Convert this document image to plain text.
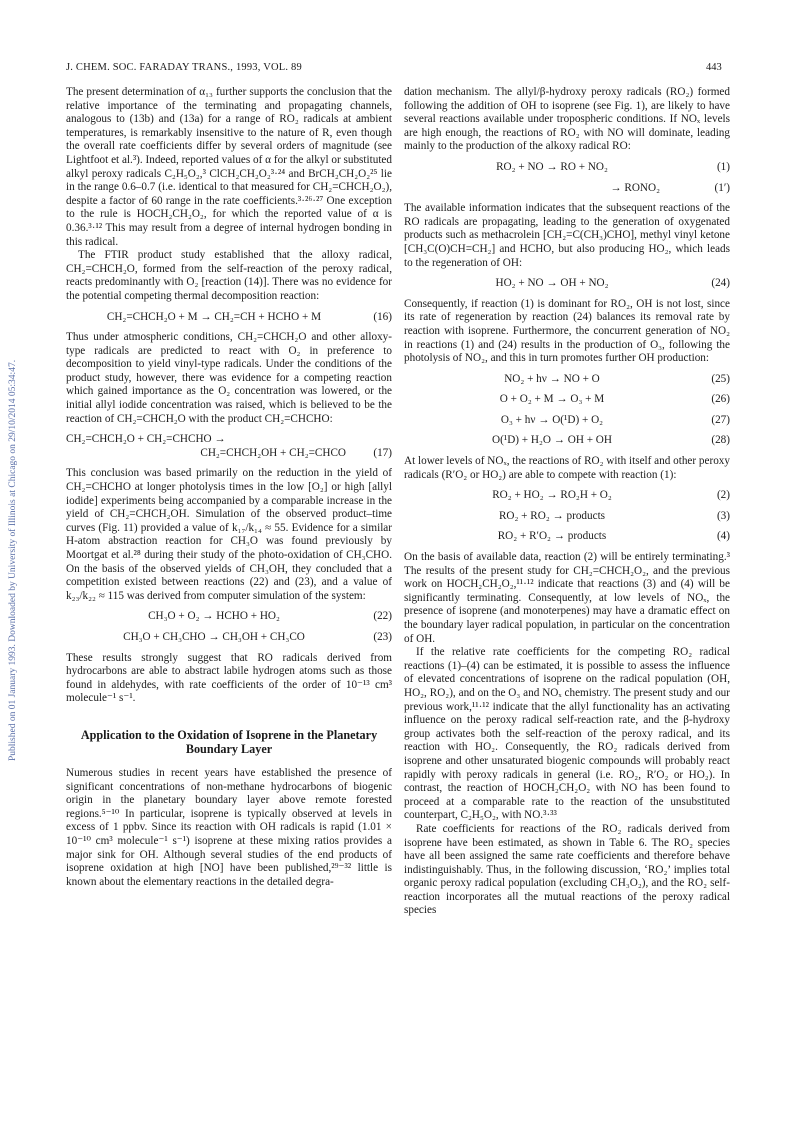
J. CHEM. SOC. FARADAY TRANS., 1993, VOL. 89	443
Published on 01 January 1993. Downloaded by University of Illinois at Chicago on 29/10/2014 05:34:47.

The present determination of α₁₃ further supports the conclusion that the relative importance of the terminating and propagating channels, analogous to (13b) and (13a) for a range of RO₂ radicals at ambient temperatures, is remarkably insensitive to the nature of R, even though the overall rate coefficients differ by several orders of magnitude (see Lightfoot et al.³). Indeed, reported values of α for the alkyl or substituted alkyl peroxy radicals C₂H₅O₂,³ ClCH₂CH₂O₂³·²⁴ and BrCH₂CH₂O₂²⁵ lie in the range 0.6–0.7 (i.e. identical to that measured for CH₂=CHCH₂O₂), despite a factor of 60 range in the rate coefficients.³·²⁶·²⁷ One exception to the rule is HOCH₂CH₂O₂, for which the reported value of α is 0.36.³·¹² This may result from a degree of internal hydrogen bonding in this radical.

The FTIR product study established that the alloxy radical, CH₂=CHCH₂O, formed from the self-reaction of the peroxy radical, reacts predominantly with O₂ [reaction (14)]. There was no evidence for the potential competing thermal decomposition reaction:

CH₂=CHCH₂O + M → CH₂=CH + HCHO + M	(16)

Thus under atmospheric conditions, CH₂=CHCH₂O and other alloxy-type radicals are predicted to react with O₂ in preference to decomposition to yield vinyl-type radicals. Under the conditions of the product study, however, there was evidence for a competing reaction which gained importance as the O₂ concentration was lowered, or the initial allyl iodide concentration was raised, which is believed to be the reaction of CH₂=CHCH₂O with the product CH₂=CHCHO:

CH₂=CHCH₂O + CH₂=CHCHO →
CH₂=CHCH₂OH + CH₂=CHCO	(17)

This conclusion was based primarily on the reduction in the yield of CH₂=CHCHO at longer photolysis times in the low [O₂] or high [allyl iodide] experiments being accompanied by a comparable increase in the yield of CH₂=CHCH₂OH. Simulation of the observed product–time curves (Fig. 11) provided a value of k₁₇/k₁₄ ≈ 55. Evidence for a similar H-atom abstraction reaction for CH₃O was found previously by Moortgat et al.²⁸ during their study of the photo-oxidation of CH₃CHO. On the basis of the observed yields of CH₃OH, they concluded that a competition existed between reactions (22) and (23), and a value of k₂₃/k₂₂ ≈ 115 was derived from computer simulation of the system:

CH₃O + O₂ → HCHO + HO₂	(22)
CH₃O + CH₃CHO → CH₃OH + CH₃CO	(23)

These results strongly suggest that RO radicals derived from hydrocarbons are able to abstract labile hydrogen atoms such as those found in aldehydes, with rate coefficients of the order of 10⁻¹³ cm³ molecule⁻¹ s⁻¹.

Application to the Oxidation of Isoprene in the Planetary Boundary Layer

Numerous studies in recent years have established the presence of significant concentrations of non-methane hydrocarbons of biogenic origin in the planetary boundary layer above remote forested regions.⁵⁻¹⁰ In particular, isoprene is typically observed at levels in excess of 1 ppbv. Since its reaction with OH radicals is rapid (1.01 × 10⁻¹⁰ cm³ molecule⁻¹ s⁻¹) isoprene at these mixing ratios provides a major sink for OH. Although several studies of the end products of isoprene oxidation at high [NO] have been published,²⁹⁻³² little is known about the elementary reactions in the detailed degra-

dation mechanism. The allyl/β-hydroxy peroxy radicals (RO₂) formed following the addition of OH to isoprene (see Fig. 1), are likely to have several reactions available under tropospheric conditions. If NOₓ levels are high enough, the reactions of RO₂ with NO will dominate, leading mainly to the production of the alkoxy radical RO:

RO₂ + NO → RO + NO₂	(1)
→ RONO₂	(1′)

The available information indicates that the subsequent reactions of the RO radicals are propagating, leading to the generation of oxygenated products such as methacrolein [CH₂=C(CH₃)CHO], methyl vinyl ketone [CH₃C(O)CH=CH₂] and HCHO, but also producing HO₂, which leads to the regeneration of OH:

HO₂ + NO → OH + NO₂	(24)

Consequently, if reaction (1) is dominant for RO₂, OH is not lost, since its rate of regeneration by reaction (24) balances its removal rate by reaction with isoprene. Furthermore, the concurrent generation of NO₂ in reactions (1) and (24) results in the production of O₃, following the photolysis of NO₂, and this in turn promotes further OH production:

NO₂ + hν → NO + O	(25)
O + O₂ + M → O₃ + M	(26)
O₃ + hν → O(¹D) + O₂	(27)
O(¹D) + H₂O → OH + OH	(28)

At lower levels of NOₓ, the reactions of RO₂ with itself and other peroxy radicals (R′O₂ or HO₂) are able to compete with reaction (1):

RO₂ + HO₂ → RO₂H + O₂	(2)
RO₂ + RO₂ → products	(3)
RO₂ + R′O₂ → products	(4)

On the basis of available data, reaction (2) will be entirely terminating.³ The results of the present study for CH₂=CHCH₂O₂, and the previous work on HOCH₂CH₂O₂,¹¹·¹² indicate that reactions (3) and (4) will be significantly terminating. Consequently, at low levels of NOₓ, the presence of isoprene (and monoterpenes) may have a dramatic effect on the boundary layer radical population, in particular on the concentration of OH.

If the relative rate coefficients for the competing RO₂ radical reactions (1)–(4) can be estimated, it is possible to assess the influence of elevated concentrations of isoprene on the radical population (OH, HO₂, RO₂), and on the O₃ and NOₓ chemistry. The present study and our previous work,¹¹·¹² indicate that the allyl functionality has an activating influence on the peroxy radical self-reaction rate, and the β-hydroxy group activates both the self-reaction of the peroxy radical, and its reaction with HO₂. Consequently, the RO₂ radicals derived from isoprene and other unsaturated biogenic compounds will probably react rapidly with peroxy radicals in general (i.e. RO₂, R′O₂ or HO₂). In contrast, the reaction of HOCH₂CH₂O₂ with NO has been found to proceed at a comparable rate to the reaction of the unsubstituted counterpart, C₂H₅O₂, with NO.³·³³

Rate coefficients for reactions of the RO₂ radicals derived from isoprene have been estimated, as shown in Table 6. The RO₂ species have all been assigned the same rate coefficients and therefore behave indistinguishably. Thus, in the following discussion, ‘RO₂’ implies total organic peroxy radical population (excluding CH₃O₂), and the RO₂ self-reaction incorporates all the mutual reactions of the peroxy radical species
